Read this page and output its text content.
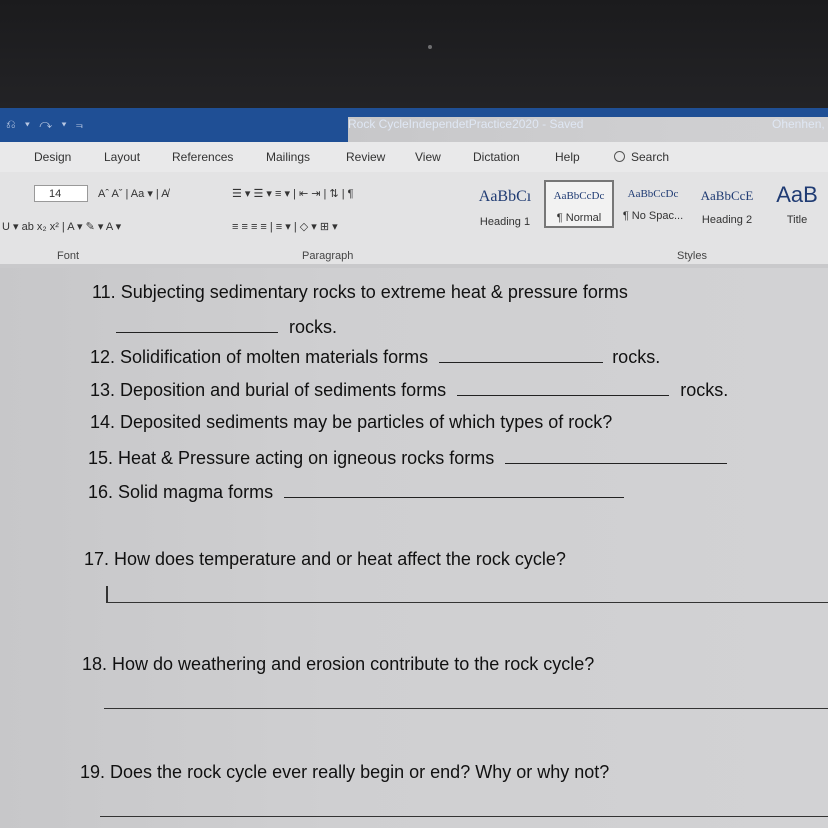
⎌ ▾ ↷ ▾ ⫬	Rock CycleIndependetPractice2020 - Saved	Ohenhen,
Design	Layout	References	Mailings	Review View	Dictation	Help	Search
14	Aˆ Aˇ | Aa ▾ | A̸
U ▾ ab x₂ x² | A ▾ ✎ ▾ A ▾
☰ ▾ ☰ ▾ ≡ ▾ | ⇤ ⇥ | ⇅ | ¶
≡ ≡ ≡ ≡ | ≡ ▾ | ◇ ▾ ⊞ ▾
AaBbCı
Heading 1
AaBbCcDc
¶ Normal
AaBbCcDc
¶ No Spac...
AaBbCcE
Heading 2
AaB
Title
Font	Paragraph	Styles
11. Subjecting sedimentary rocks to extreme heat & pressure forms
rocks.
12. Solidification of molten materials forms	rocks.
13. Deposition and burial of sediments forms	rocks.
14. Deposited sediments may be particles of which types of rock?
15. Heat & Pressure acting on igneous rocks forms
16. Solid magma forms
17. How does temperature and or heat affect the rock cycle?
18. How do weathering and erosion contribute to the rock cycle?
19. Does the rock cycle ever really begin or end? Why or why not?
